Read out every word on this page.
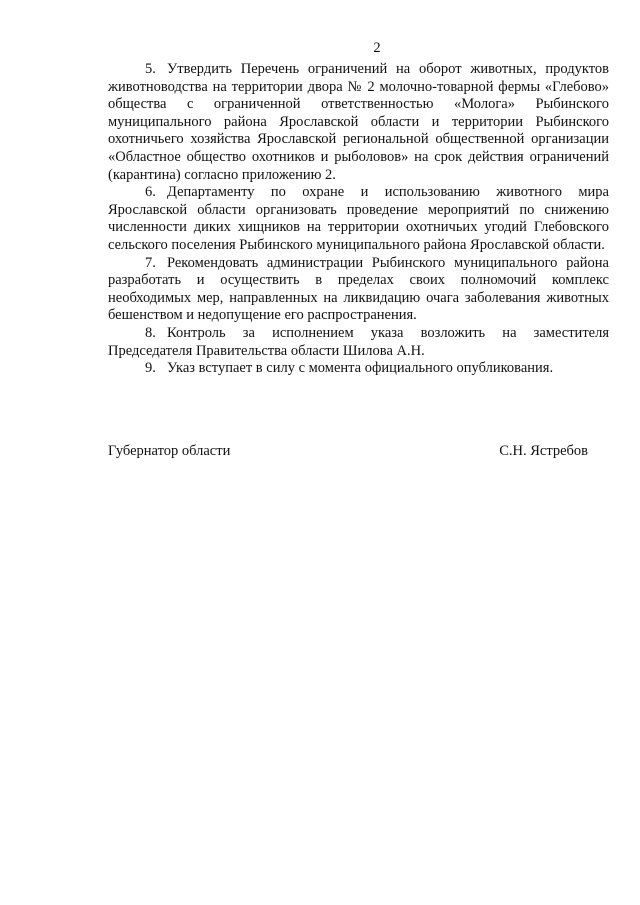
2

5. Утвердить Перечень ограничений на оборот животных, продуктов животноводства на территории двора № 2 молочно-товарной фермы «Глебово» общества с ограниченной ответственностью «Мологa» Рыбинского муниципального района Ярославской области и территории Рыбинского охотничьего хозяйства Ярославской региональной общественной организации «Областное общество охотников и рыболовов» на срок действия ограничений (карантина) согласно приложению 2.

6. Департаменту по охране и использованию животного мира Ярославской области организовать проведение мероприятий по снижению численности диких хищников на территории охотничьих угодий Глебовского сельского поселения Рыбинского муниципального района Ярославской области.

7. Рекомендовать администрации Рыбинского муниципального района разработать и осуществить в пределах своих полномочий комплекс необходимых мер, направленных на ликвидацию очага заболевания животных бешенством и недопущение его распространения.

8. Контроль за исполнением указа возложить на заместителя Председателя Правительства области Шилова А.Н.

9. Указ вступает в силу с момента официального опубликования.

Губернатор области	С.Н. Ястребов
